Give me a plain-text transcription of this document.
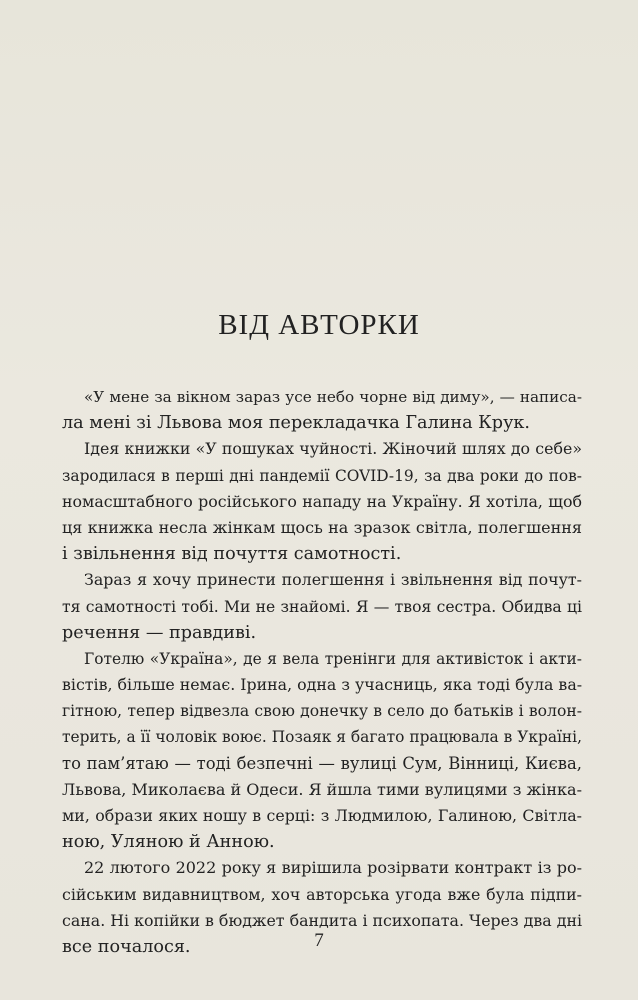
ВІД АВТОРКИ

«У мене за вікном зараз усе небо чорне від диму», — написа-
ла мені зі Львова моя перекладачка Галина Крук.

Ідея книжки «У пошуках чуйності. Жіночий шлях до себе»
зародилася в перші дні пандемії COVID-19, за два роки до пов-
номасштабного російського нападу на Україну. Я хотіла, щоб
ця книжка несла жінкам щось на зразок світла, полегшення
і звільнення від почуття самотності.

Зараз я хочу принести полегшення і звільнення від почут-
тя самотності тобі. Ми не знайомі. Я — твоя сестра. Обидва ці
речення — правдиві.

Готелю «Україна», де я вела тренінги для активісток і акти-
вістів, більше немає. Ірина, одна з учасниць, яка тоді була ва-
гітною, тепер відвезла свою донечку в село до батьків і волон-
терить, а її чоловік воює. Позаяк я багато працювала в Україні,
то пам’ятаю — тоді безпечні — вулиці Сум, Вінниці, Києва,
Львова, Миколаєва й Одеси. Я йшла тими вулицями з жінка-
ми, образи яких ношу в серці: з Людмилою, Галиною, Світла-
ною, Уляною й Анною.

22 лютого 2022 року я вирішила розірвати контракт із ро-
сійським видавництвом, хоч авторська угода вже була підпи-
сана. Ні копійки в бюджет бандита і психопата. Через два дні
все почалося.	7
